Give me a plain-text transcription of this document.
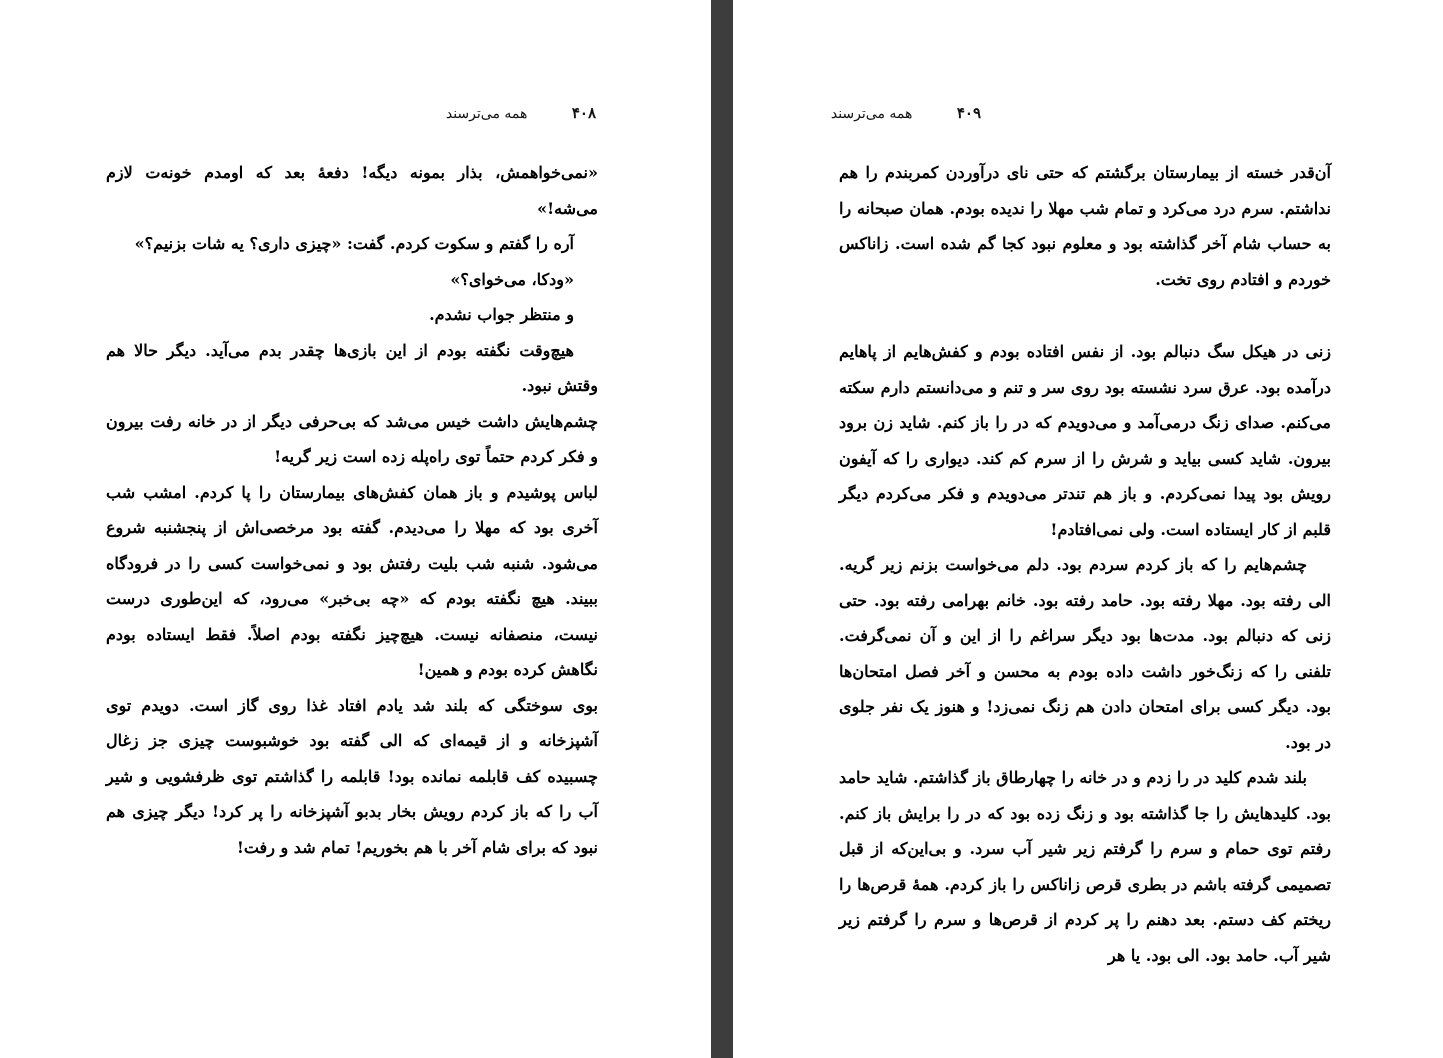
۴۰۸ همه می‌ترسند

«نمی‌خواهمش، بذار بمونه دیگه! دفعهٔ بعد که اومدم خونه‌ت لازم می‌شه!»

آره را گفتم و سکوت کردم. گفت: «چیزی داری؟ یه شات بزنیم؟»

«ودکا، می‌خوای؟»

و منتظر جواب نشدم.

هیچ‌وقت نگفته بودم از این بازی‌ها چقدر بدم می‌آید. دیگر حالا هم وقتش نبود.

چشم‌هایش داشت خیس می‌شد که بی‌حرفی دیگر از در خانه رفت بیرون و فکر کردم حتماً توی راه‌پله زده است زیر گریه!

لباس پوشیدم و باز همان کفش‌های بیمارستان را پا کردم. امشب شب آخری بود که مهلا را می‌دیدم. گفته بود مرخصی‌اش از پنجشنبه شروع می‌شود. شنبه شب بلیت رفتش بود و نمی‌خواست کسی را در فرودگاه ببیند. هیچ نگفته بودم که «چه بی‌خبر» می‌رود، که این‌طوری درست نیست، منصفانه نیست. هیچ‌چیز نگفته بودم اصلاً. فقط ایستاده بودم نگاهش کرده بودم و همین!

بوی سوختگی که بلند شد یادم افتاد غذا روی گاز است. دویدم توی آشپزخانه و از قیمه‌ای که الی گفته بود خوشبوست چیزی جز زغال چسبیده کف قابلمه نمانده بود! قابلمه را گذاشتم توی ظرفشویی و شیر آب را که باز کردم رویش بخار بدبو آشپزخانه را پر کرد! دیگر چیزی هم نبود که برای شام آخر با هم بخوریم! تمام شد و رفت!

۴۰۹ همه می‌ترسند

آن‌قدر خسته از بیمارستان برگشتم که حتی نای درآوردن کمربندم را هم نداشتم. سرم درد می‌کرد و تمام شب مهلا را ندیده بودم. همان صبحانه را به حساب شام آخر گذاشته بود و معلوم نبود کجا گم شده است. زاناکس خوردم و افتادم روی تخت.

زنی در هیکل سگ دنبالم بود. از نفس افتاده بودم و کفش‌هایم از پاهایم درآمده بود. عرق سرد نشسته بود روی سر و تنم و می‌دانستم دارم سکته می‌کنم. صدای زنگ درمی‌آمد و می‌دویدم که در را باز کنم. شاید زن برود بیرون. شاید کسی بیاید و شرش را از سرم کم کند. دیواری را که آیفون رویش بود پیدا نمی‌کردم. و باز هم تندتر می‌دویدم و فکر می‌کردم دیگر قلبم از کار ایستاده است. ولی نمی‌افتادم!

چشم‌هایم را که باز کردم سردم بود. دلم می‌خواست بزنم زیر گریه. الی رفته بود. مهلا رفته بود. حامد رفته بود. خانم بهرامی رفته بود. حتی زنی که دنبالم بود. مدت‌ها بود دیگر سراغم را از این و آن نمی‌گرفت. تلفنی را که زنگ‌خور داشت داده بودم به محسن و آخر فصل امتحان‌ها بود. دیگر کسی برای امتحان دادن هم زنگ نمی‌زد! و هنوز یک نفر جلوی در بود.

بلند شدم کلید در را زدم و در خانه را چهارطاق باز گذاشتم. شاید حامد بود. کلیدهایش را جا گذاشته بود و زنگ زده بود که در را برایش باز کنم. رفتم توی حمام و سرم را گرفتم زیر شیر آب سرد. و بی‌این‌که از قبل تصمیمی گرفته باشم در بطری قرص زاناکس را باز کردم. همهٔ قرص‌ها را ریختم کف دستم. بعد دهنم را پر کردم از قرص‌ها و سرم را گرفتم زیر شیر آب. حامد بود. الی بود. یا هر
